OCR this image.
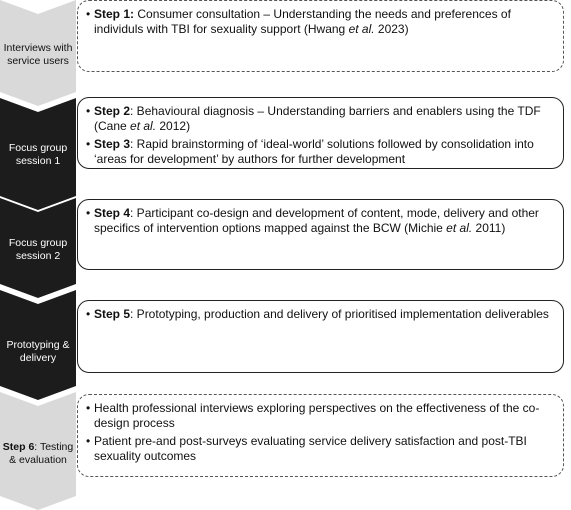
Interviews with
service users
Focus group
session 1
Focus group
session 2
Prototyping &
delivery
Step 6: Testing
& evaluation
• Step 1: Consumer consultation – Understanding the needs and preferences of individuls with TBI for sexuality support (Hwang et al. 2023)
• Step 2: Behavioural diagnosis – Understanding barriers and enablers using the TDF (Cane et al. 2012)
• Step 3: Rapid brainstorming of ‘ideal-world’ solutions followed by consolidation into ‘areas for development’ by authors for further development
• Step 4: Participant co-design and development of content, mode, delivery and other specifics of intervention options mapped against the BCW (Michie et al. 2011)
• Step 5: Prototyping, production and delivery of prioritised implementation deliverables
• Health professional interviews exploring perspectives on the effectiveness of the co-design process
• Patient pre-and post-surveys evaluating service delivery satisfaction and post-TBI sexuality outcomes
